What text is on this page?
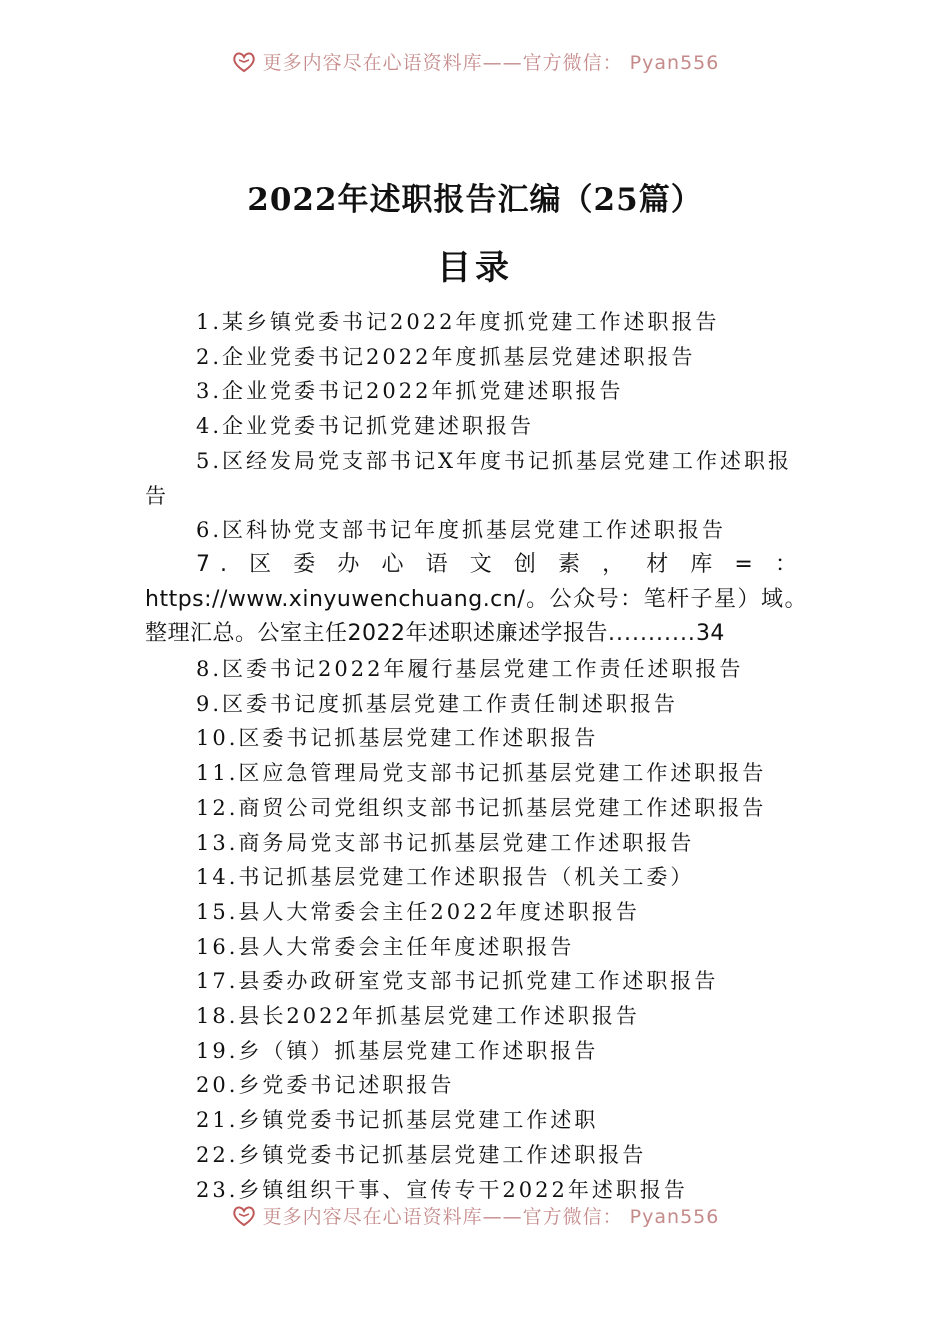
更多内容尽在心语资料库——官方微信： Pyan556
2022年述职报告汇编（25篇）
目录
1.某乡镇党委书记2022年度抓党建工作述职报告
2.企业党委书记2022年度抓基层党建述职报告
3.企业党委书记2022年抓党建述职报告
4.企业党委书记抓党建述职报告
5.区经发局党支部书记X年度书记抓基层党建工作述职报告
6.区科协党支部书记年度抓基层党建工作述职报告
7.区委办心语文创素，材库=： https://www.xinyuwenchuang.cn/。公众号：笔杆子星）域。整理汇总。公室主任2022年述职述廉述学报告...........34
8.区委书记2022年履行基层党建工作责任述职报告
9.区委书记度抓基层党建工作责任制述职报告
10.区委书记抓基层党建工作述职报告
11.区应急管理局党支部书记抓基层党建工作述职报告
12.商贸公司党组织支部书记抓基层党建工作述职报告
13.商务局党支部书记抓基层党建工作述职报告
14.书记抓基层党建工作述职报告（机关工委）
15.县人大常委会主任2022年度述职报告
16.县人大常委会主任年度述职报告
17.县委办政研室党支部书记抓党建工作述职报告
18.县长2022年抓基层党建工作述职报告
19.乡（镇）抓基层党建工作述职报告
20.乡党委书记述职报告
21.乡镇党委书记抓基层党建工作述职
22.乡镇党委书记抓基层党建工作述职报告
23.乡镇组织干事、宣传专干2022年述职报告
更多内容尽在心语资料库——官方微信： Pyan556
